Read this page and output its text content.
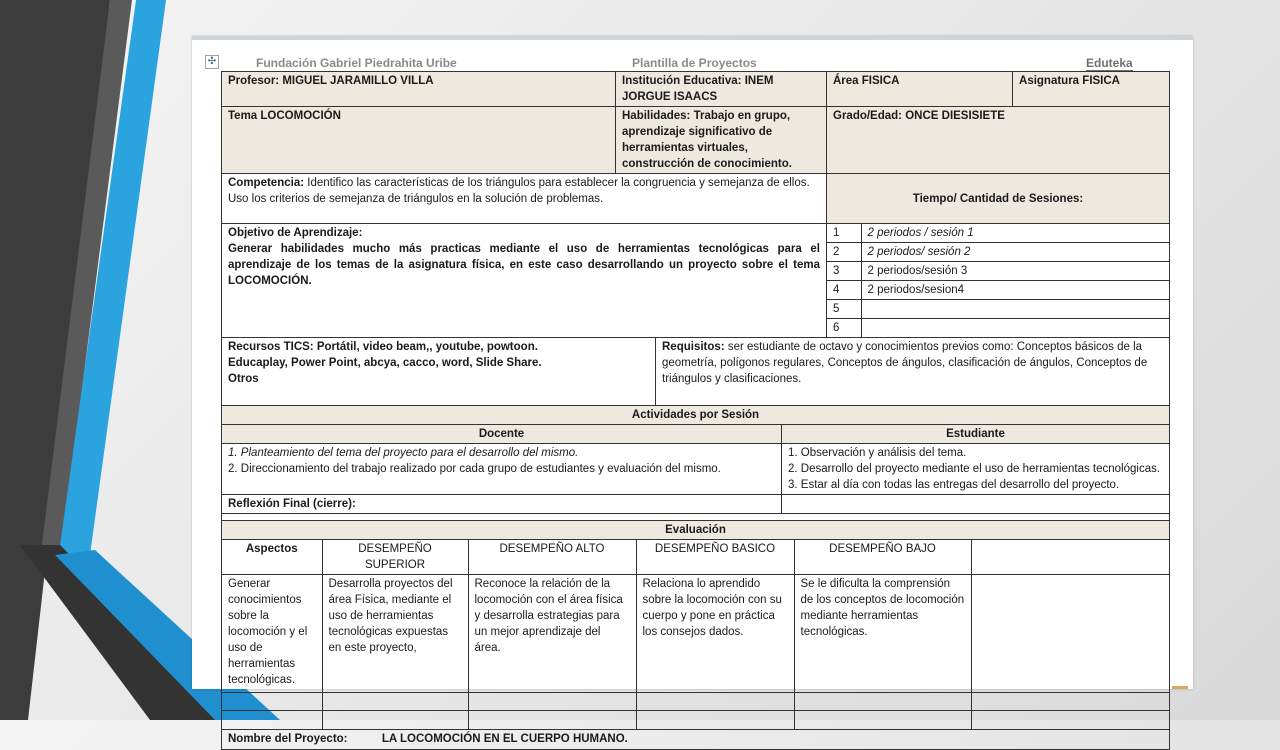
✣	Fundación Gabriel Piedrahita Uribe	Plantilla de Proyectos	Eduteka
Profesor: MIGUEL JARAMILLO VILLA	Institución Educativa: INEM JORGUE ISAACS	Área FISICA	Asignatura FISICA
Tema LOCOMOCIÓN	Habilidades: Trabajo en grupo, aprendizaje significativo de herramientas virtuales, construcción de conocimiento.	Grado/Edad: ONCE DIESISIETE
Competencia: Identifico las características de los triángulos para establecer la congruencia y semejanza de ellos.
Uso los criterios de semejanza de triángulos en la solución de problemas.	Tiempo/ Cantidad de Sesiones:
Objetivo de Aprendizaje:
Generar habilidades mucho más practicas mediante el uso de herramientas tecnológicas para el aprendizaje de los temas de la asignatura física, en este caso desarrollando un proyecto sobre el tema LOCOMOCIÓN.	
1	2 periodos / sesión 1
2	2 periodos/ sesión 2
3	2 periodos/sesión 3
4	2 periodos/sesion4
5	
6	

Recursos TICS: Portátil, video beam,, youtube, powtoon.
Educaplay, Power Point, abcya, cacco, word, Slide Share.
Otros	Requisitos: ser estudiante de octavo y conocimientos previos como: Conceptos básicos de la geometría, polígonos regulares, Conceptos de ángulos, clasificación de ángulos, Conceptos de triángulos y clasificaciones.
Actividades por Sesión
Docente	Estudiante
1. Planteamiento del tema del proyecto para el desarrollo del mismo.
2. Direccionamiento del trabajo realizado por cada grupo de estudiantes y evaluación del mismo.	1. Observación y análisis del tema.
2. Desarrollo del proyecto mediante el uso de herramientas tecnológicas.
3. Estar al día con todas las entregas del desarrollo del proyecto.
Reflexión Final (cierre):	

Evaluación

Aspectos	DESEMPEÑO SUPERIOR	DESEMPEÑO ALTO	DESEMPEÑO BASICO	DESEMPEÑO BAJO	
Generar conocimientos sobre la locomoción y el uso de herramientas tecnológicas.	Desarrolla proyectos del área Física, mediante el uso de herramientas tecnológicas expuestas en este proyecto,	Reconoce la relación de la locomoción con el área física y desarrolla estrategias para un mejor aprendizaje del área.	Relaciona lo aprendido sobre la locomoción con su cuerpo y pone en práctica los consejos dados.	Se le dificulta la comprensión de los conceptos de locomoción mediante herramientas tecnológicas.	

Nombre del Proyecto:	LA LOCOMOCIÓN EN EL CUERPO HUMANO.
